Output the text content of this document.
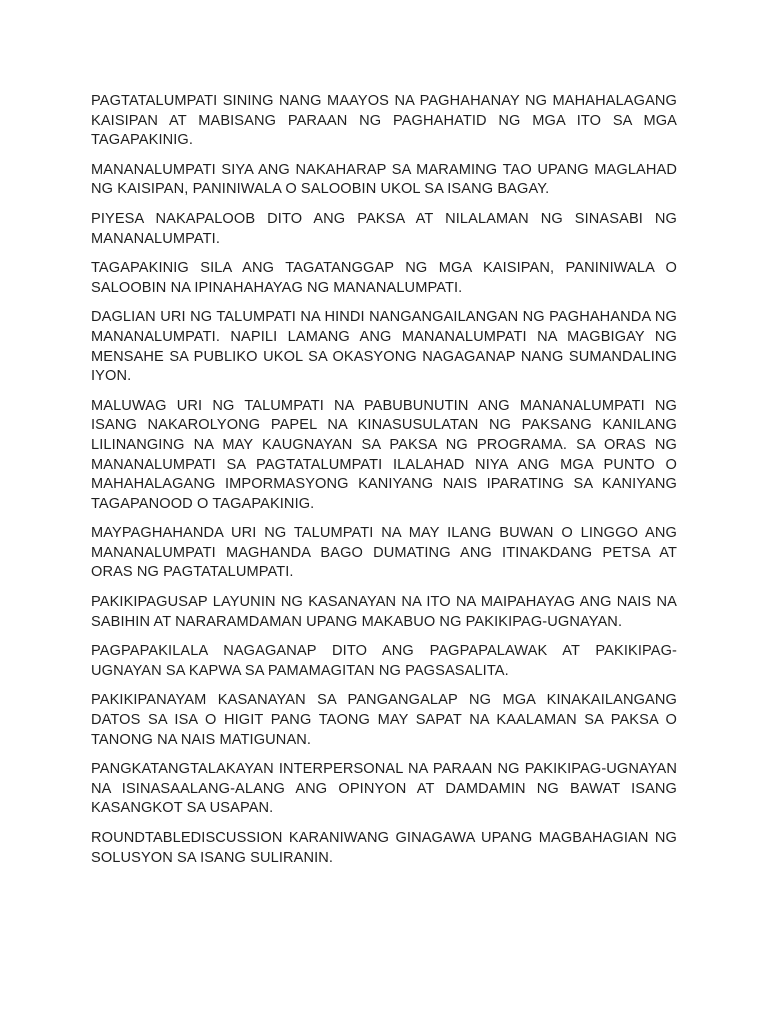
PAGTATALUMPATI SINING NANG MAAYOS NA PAGHAHANAY NG MAHAHALAGANG KAISIPAN AT MABISANG PARAAN NG PAGHAHATID NG MGA ITO SA MGA TAGAPAKINIG.

MANANALUMPATI SIYA ANG NAKAHARAP SA MARAMING TAO UPANG MAGLAHAD NG KAISIPAN, PANINIWALA O SALOOBIN UKOL SA ISANG BAGAY.

PIYESA NAKAPALOOB DITO ANG PAKSA AT NILALAMAN NG SINASABI NG MANANALUMPATI.

TAGAPAKINIG SILA ANG TAGATANGGAP NG MGA KAISIPAN, PANINIWALA O SALOOBIN NA IPINAHAHAYAG NG MANANALUMPATI.

DAGLIAN URI NG TALUMPATI NA HINDI NANGANGAILANGAN NG PAGHAHANDA NG MANANALUMPATI. NAPILI LAMANG ANG MANANALUMPATI NA MAGBIGAY NG MENSAHE SA PUBLIKO UKOL SA OKASYONG NAGAGANAP NANG SUMANDALING IYON.

MALUWAG URI NG TALUMPATI NA PABUBUNUTIN ANG MANANALUMPATI NG ISANG NAKAROLYONG PAPEL NA KINASUSULATAN NG PAKSANG KANILANG LILINANGING NA MAY KAUGNAYAN SA PAKSA NG PROGRAMA. SA ORAS NG MANANALUMPATI SA PAGTATALUMPATI ILALAHAD NIYA ANG MGA PUNTO O MAHAHALAGANG IMPORMASYONG KANIYANG NAIS IPARATING SA KANIYANG TAGAPANOOD O TAGAPAKINIG.

MAYPAGHAHANDA URI NG TALUMPATI NA MAY ILANG BUWAN O LINGGO ANG MANANALUMPATI MAGHANDA BAGO DUMATING ANG ITINAKDANG PETSA AT ORAS NG PAGTATALUMPATI.

PAKIKIPAGUSAP LAYUNIN NG KASANAYAN NA ITO NA MAIPAHAYAG ANG NAIS NA SABIHIN AT NARARAMDAMAN UPANG MAKABUO NG PAKIKIPAG-UGNAYAN.

PAGPAPAKILALA NAGAGANAP DITO ANG PAGPAPALAWAK AT PAKIKIPAG-UGNAYAN SA KAPWA SA PAMAMAGITAN NG PAGSASALITA.

PAKIKIPANAYAM KASANAYAN SA PANGANGALAP NG MGA KINAKAILANGANG DATOS SA ISA O HIGIT PANG TAONG MAY SAPAT NA KAALAMAN SA PAKSA O TANONG NA NAIS MATIGUNAN.

PANGKATANGTALAKAYAN INTERPERSONAL NA PARAAN NG PAKIKIPAG-UGNAYAN NA ISINASAALANG-ALANG ANG OPINYON AT DAMDAMIN NG BAWAT ISANG KASANGKOT SA USAPAN.

ROUNDTABLEDISCUSSION KARANIWANG GINAGAWA UPANG MAGBAHAGIAN NG SOLUSYON SA ISANG SULIRANIN.
